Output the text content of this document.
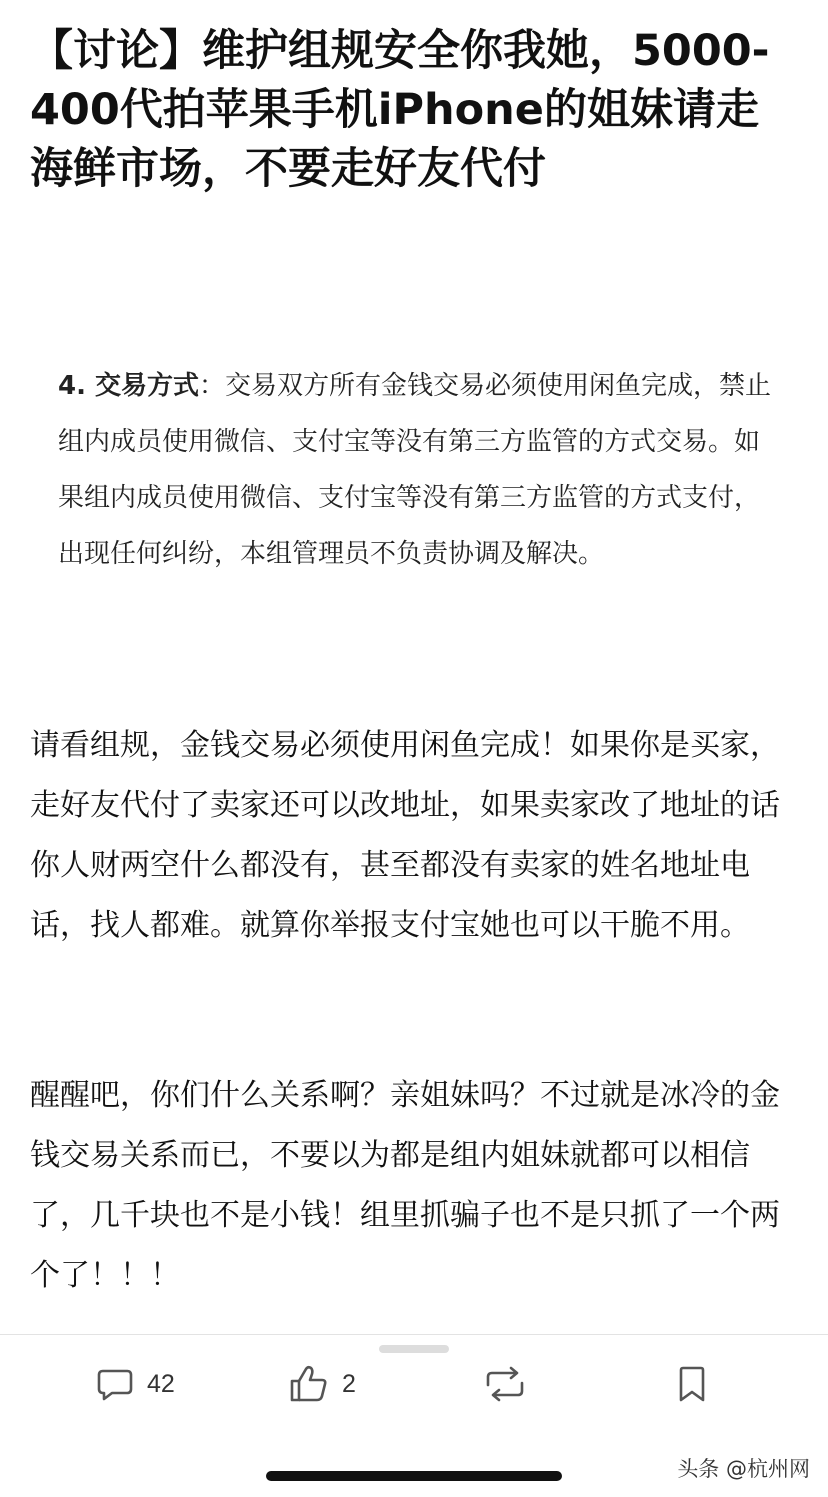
【讨论】维护组规安全你我她，5000-400代拍苹果手机iPhone的姐妹请走海鲜市场，不要走好友代付
4. 交易方式：交易双方所有金钱交易必须使用闲鱼完成，禁止组内成员使用微信、支付宝等没有第三方监管的方式交易。如果组内成员使用微信、支付宝等没有第三方监管的方式支付，出现任何纠纷，本组管理员不负责协调及解决。

请看组规，金钱交易必须使用闲鱼完成！如果你是买家，走好友代付了卖家还可以改地址，如果卖家改了地址的话你人财两空什么都没有，甚至都没有卖家的姓名地址电话，找人都难。就算你举报支付宝她也可以干脆不用。

醒醒吧，你们什么关系啊？亲姐妹吗？不过就是冰冷的金钱交易关系而已，不要以为都是组内姐妹就都可以相信了，几千块也不是小钱！组里抓骗子也不是只抓了一个两个了！！！

42	2
头条 @杭州网
